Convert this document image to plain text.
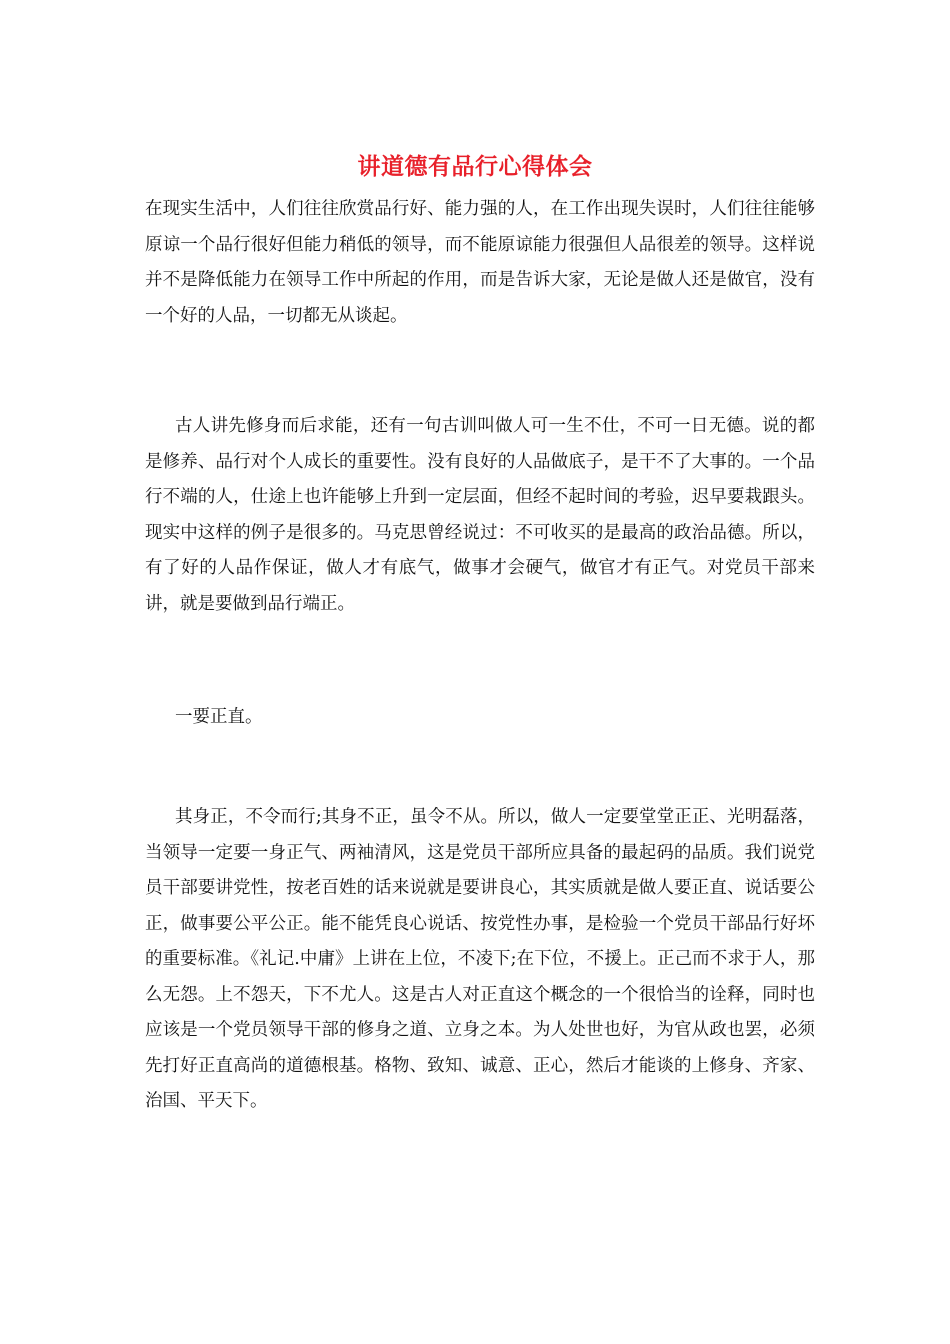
讲道德有品行心得体会

在现实生活中，人们往往欣赏品行好、能力强的人，在工作出现失误时，人们往往能够原谅一个品行很好但能力稍低的领导，而不能原谅能力很强但人品很差的领导。这样说并不是降低能力在领导工作中所起的作用，而是告诉大家，无论是做人还是做官，没有一个好的人品，一切都无从谈起。

古人讲先修身而后求能，还有一句古训叫做人可一生不仕，不可一日无德。说的都是修养、品行对个人成长的重要性。没有良好的人品做底子，是干不了大事的。一个品行不端的人，仕途上也许能够上升到一定层面，但经不起时间的考验，迟早要栽跟头。现实中这样的例子是很多的。马克思曾经说过：不可收买的是最高的政治品德。所以，有了好的人品作保证，做人才有底气，做事才会硬气，做官才有正气。对党员干部来讲，就是要做到品行端正。

一要正直。

其身正，不令而行;其身不正，虽令不从。所以，做人一定要堂堂正正、光明磊落，当领导一定要一身正气、两袖清风，这是党员干部所应具备的最起码的品质。我们说党员干部要讲党性，按老百姓的话来说就是要讲良心，其实质就是做人要正直、说话要公正，做事要公平公正。能不能凭良心说话、按党性办事，是检验一个党员干部品行好坏的重要标准。《礼记.中庸》上讲在上位，不凌下;在下位，不援上。正己而不求于人，那么无怨。上不怨天，下不尤人。这是古人对正直这个概念的一个很恰当的诠释，同时也应该是一个党员领导干部的修身之道、立身之本。为人处世也好，为官从政也罢，必须先打好正直高尚的道德根基。格物、致知、诚意、正心，然后才能谈的上修身、齐家、治国、平天下。
